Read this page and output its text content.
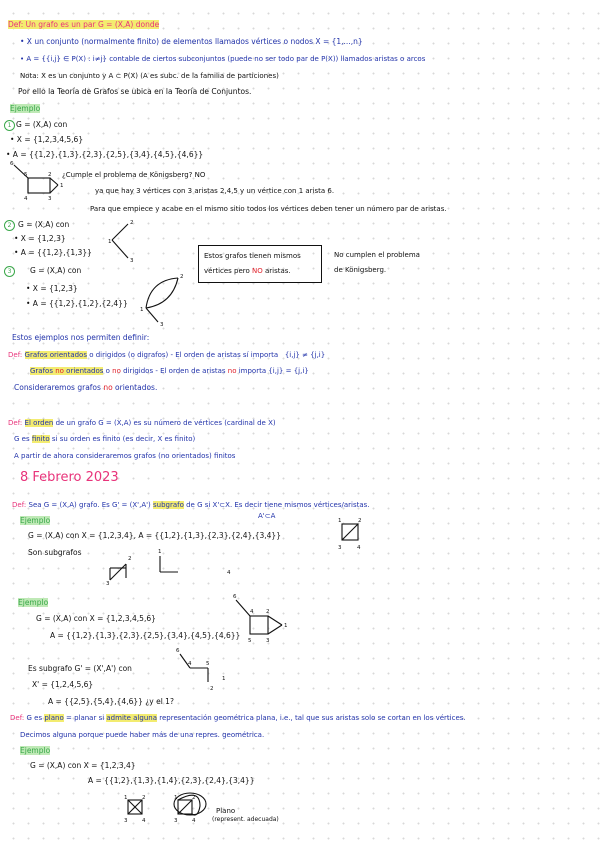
Def: Un grafo es un par G = (X,A) donde
• X un conjunto (normalmente finito) de elementos llamados vértices o nodos X = {1,...,n}
• A = {{i,j} ∈ P(X) : i≠j} contable de ciertos subconjuntos (puede no ser todo par de P(X)) llamados aristas o arcos
Nota: X es un conjunto y A ⊂ P(X) (A es subc. de la familia de particiones)
Por ello la Teoría de Grafos se ubica en la Teoría de Conjuntos.
Ejemplo
1 G = (X,A) con
• X = {1,2,3,4,5,6}
• A = {{1,2},{1,3},{2,3},{2,5},{3,4},{4,5},{4,6}}
¿Cumple el problema de Königsberg? NO
ya que hay 3 vértices con 3 aristas 2,4,5 y un vértice con 1 arista 6.
Para que empiece y acabe en el mismo sitio todos los vértices deben tener un número par de aristas.
2 G = (X,A) con
• X = {1,2,3}
• A = {{1,2},{1,3}}
3	G = (X,A) con
• X = {1,2,3}
• A = {{1,2},{1,2},{2,4}}
Estos grafos tienen mismos
vértices pero NO aristas.
No cumplen el problema
de Königsberg.
Estos ejemplos nos permiten definir:
Def: Grafos orientados o dirigidos (o digrafos) - El orden de aristas sí importa   {i,j} ≠ {j,i}
Grafos no orientados o no dirigidos - El orden de aristas no importa {i,j} = {j,i}
Consideraremos grafos no orientados.
Def: El orden de un grafo G = (X,A) es su número de vértices (cardinal de X)
G es finito si su orden es finito (es decir, X es finito)
A partir de ahora consideraremos grafos (no orientados) finitos
8 Febrero 2023
Def: Sea G = (X,A) grafo. Es G' = (X',A') subgrafo de G si X'⊂X. Es decir tiene mismos vértices/aristas.
A'⊂A
Ejemplo
G = (X,A) con X = {1,2,3,4}, A = {{1,2},{1,3},{2,3},{2,4},{3,4}}
Son subgrafos
Ejemplo
G = (X,A) con X = {1,2,3,4,5,6}
A = {{1,2},{1,3},{2,3},{2,5},{3,4},{4,5},{4,6}}
Es subgrafo G' = (X',A') con
X' = {1,2,4,5,6}
A = {{2,5},{5,4},{4,6}} ¿y el 1?
Def: G es plano = planar si admite alguna representación geométrica plana, i.e., tal que sus aristas solo se cortan en los vértices.
Decimos alguna porque puede haber más de una repres. geométrica.
Ejemplo
G = (X,A) con X = {1,2,3,4}
A = {{1,2},{1,3},{1,4},{2,3},{2,4},{3,4}}
Plano
(represent. adecuada)
6
5
4
2
3
1
1
2
3
1
2
3
1	2
3	4
3
2
1
4
6
4 2
1
5	3
6
4	5
2
1
1	2
3	4
1	2
3	4
